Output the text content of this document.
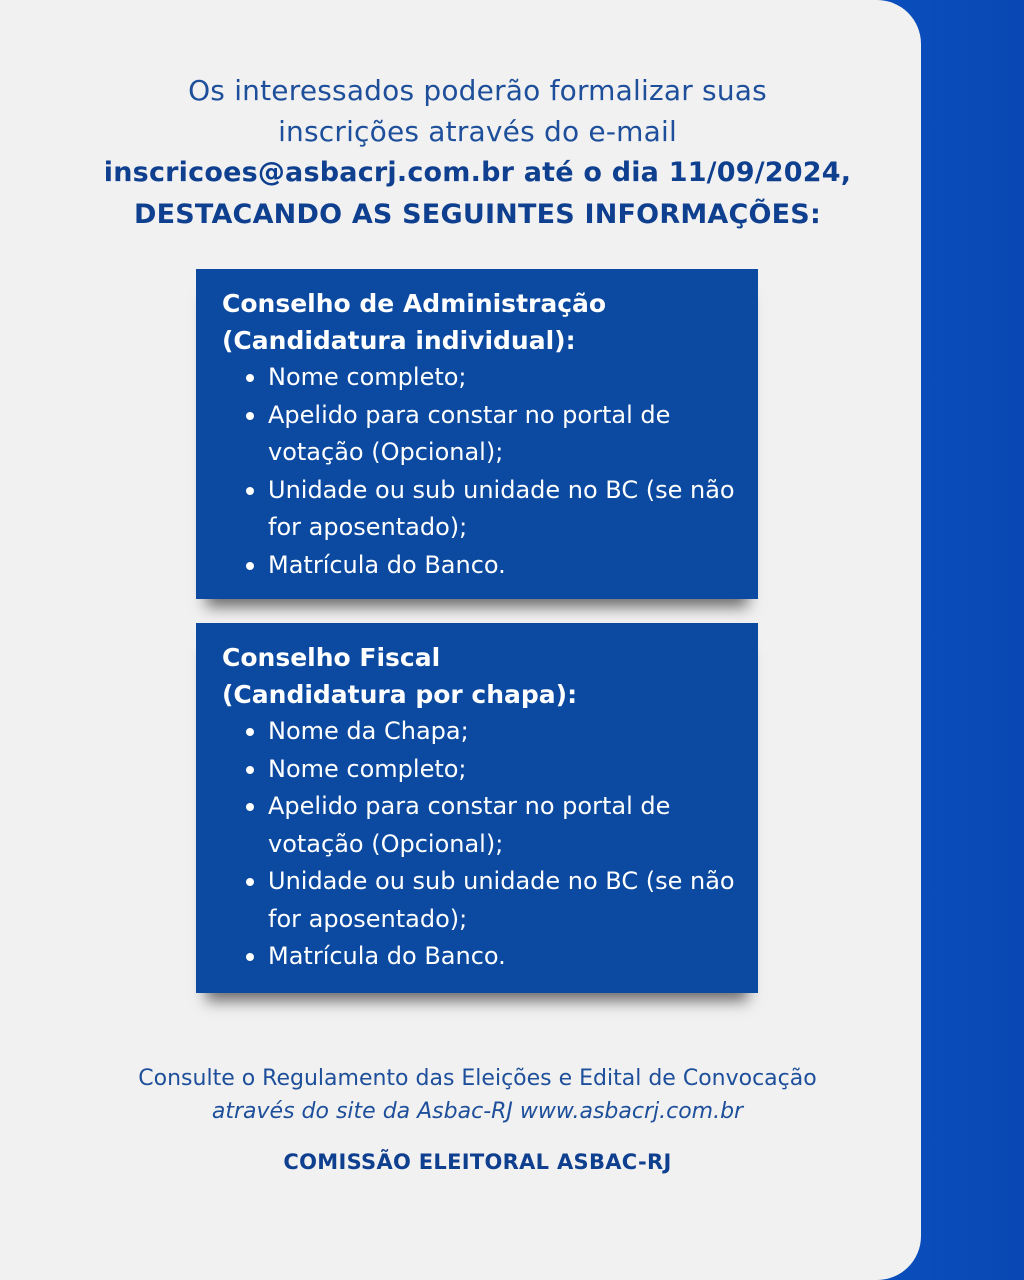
Os interessados poderão formalizar suas
inscrições através do e-mail
inscricoes@asbacrj.com.br até o dia 11/09/2024,
DESTACANDO AS SEGUINTES INFORMAÇÕES:
Conselho de Administração
(Candidatura individual):
Nome completo;
Apelido para constar no portal de votação (Opcional);
Unidade ou sub unidade no BC (se não for aposentado);
Matrícula do Banco.
Conselho Fiscal
(Candidatura por chapa):
Nome da Chapa;
Nome completo;
Apelido para constar no portal de votação (Opcional);
Unidade ou sub unidade no BC (se não for aposentado);
Matrícula do Banco.
Consulte o Regulamento das Eleições e Edital de Convocação
através do site da Asbac-RJ www.asbacrj.com.br
COMISSÃO ELEITORAL ASBAC-RJ
